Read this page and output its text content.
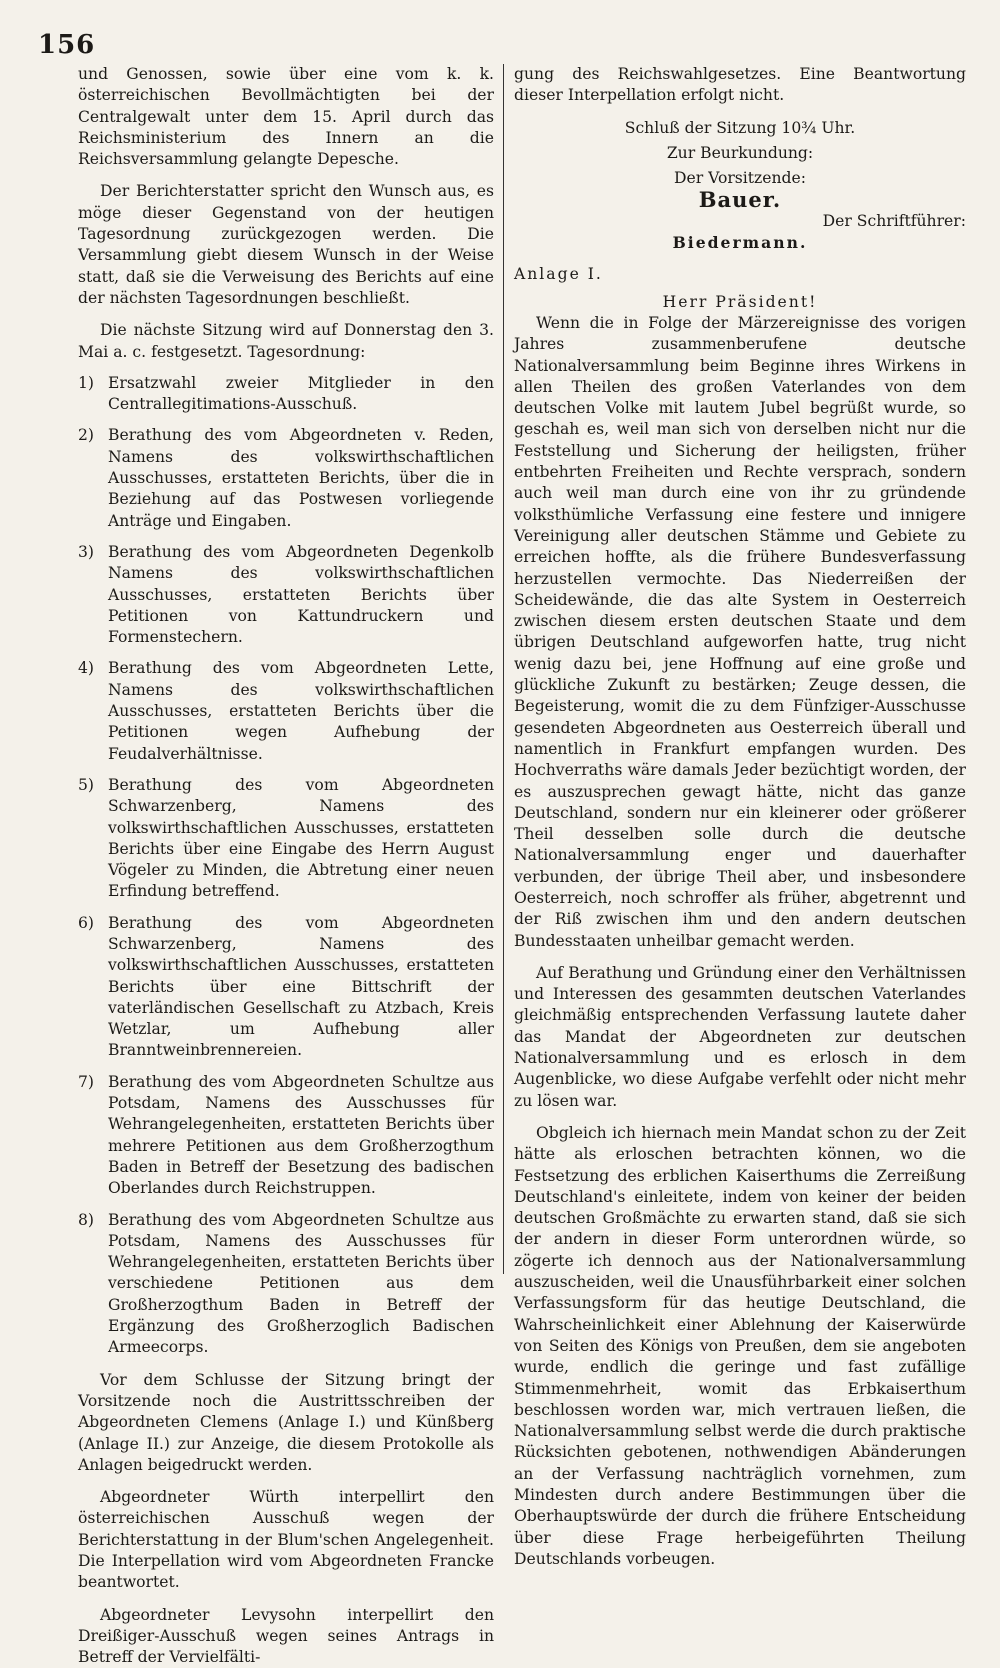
156

und Genossen, sowie über eine vom k. k. österreichischen Bevollmächtigten bei der Centralgewalt unter dem 15. April durch das Reichsministerium des Innern an die Reichsversammlung gelangte Depesche.

Der Berichterstatter spricht den Wunsch aus, es möge dieser Gegenstand von der heutigen Tagesordnung zurückgezogen werden. Die Versammlung giebt diesem Wunsch in der Weise statt, daß sie die Verweisung des Berichts auf eine der nächsten Tagesordnungen beschließt.

Die nächste Sitzung wird auf Donnerstag den 3. Mai a. c. festgesetzt. Tagesordnung:

1) Ersatzwahl zweier Mitglieder in den Centrallegitimations-Ausschuß.
2) Berathung des vom Abgeordneten v. Reden, Namens des volkswirthschaftlichen Ausschusses, erstatteten Berichts, über die in Beziehung auf das Postwesen vorliegende Anträge und Eingaben.
3) Berathung des vom Abgeordneten Degenkolb Namens des volkswirthschaftlichen Ausschusses, erstatteten Berichts über Petitionen von Kattundruckern und Formenstechern.
4) Berathung des vom Abgeordneten Lette, Namens des volkswirthschaftlichen Ausschusses, erstatteten Berichts über die Petitionen wegen Aufhebung der Feudalverhältnisse.
5) Berathung des vom Abgeordneten Schwarzenberg, Namens des volkswirthschaftlichen Ausschusses, erstatteten Berichts über eine Eingabe des Herrn August Vögeler zu Minden, die Abtretung einer neuen Erfindung betreffend.
6) Berathung des vom Abgeordneten Schwarzenberg, Namens des volkswirthschaftlichen Ausschusses, erstatteten Berichts über eine Bittschrift der vaterländischen Gesellschaft zu Atzbach, Kreis Wetzlar, um Aufhebung aller Branntweinbrennereien.
7) Berathung des vom Abgeordneten Schultze aus Potsdam, Namens des Ausschusses für Wehrangelegenheiten, erstatteten Berichts über mehrere Petitionen aus dem Großherzogthum Baden in Betreff der Besetzung des badischen Oberlandes durch Reichstruppen.
8) Berathung des vom Abgeordneten Schultze aus Potsdam, Namens des Ausschusses für Wehrangelegenheiten, erstatteten Berichts über verschiedene Petitionen aus dem Großherzogthum Baden in Betreff der Ergänzung des Großherzoglich Badischen Armeecorps.

Vor dem Schlusse der Sitzung bringt der Vorsitzende noch die Austrittsschreiben der Abgeordneten Clemens (Anlage I.) und Künßberg (Anlage II.) zur Anzeige, die diesem Protokolle als Anlagen beigedruckt werden.

Abgeordneter Würth interpellirt den österreichischen Ausschuß wegen der Berichterstattung in der Blum'schen Angelegenheit. Die Interpellation wird vom Abgeordneten Francke beantwortet.

Abgeordneter Levysohn interpellirt den Dreißiger-Ausschuß wegen seines Antrags in Betreff der Vervielfälti-

gung des Reichswahlgesetzes. Eine Beantwortung dieser Interpellation erfolgt nicht.

Schluß der Sitzung 10¾ Uhr.

Zur Beurkundung:

Der Vorsitzende:

Bauer.

Der Schriftführer:

Biedermann.

Anlage I.

Herr Präsident!

Wenn die in Folge der Märzereignisse des vorigen Jahres zusammenberufene deutsche Nationalversammlung beim Beginne ihres Wirkens in allen Theilen des großen Vaterlandes von dem deutschen Volke mit lautem Jubel begrüßt wurde, so geschah es, weil man sich von derselben nicht nur die Feststellung und Sicherung der heiligsten, früher entbehrten Freiheiten und Rechte versprach, sondern auch weil man durch eine von ihr zu gründende volksthümliche Verfassung eine festere und innigere Vereinigung aller deutschen Stämme und Gebiete zu erreichen hoffte, als die frühere Bundesverfassung herzustellen vermochte. Das Niederreißen der Scheidewände, die das alte System in Oesterreich zwischen diesem ersten deutschen Staate und dem übrigen Deutschland aufgeworfen hatte, trug nicht wenig dazu bei, jene Hoffnung auf eine große und glückliche Zukunft zu bestärken; Zeuge dessen, die Begeisterung, womit die zu dem Fünfziger-Ausschusse gesendeten Abgeordneten aus Oesterreich überall und namentlich in Frankfurt empfangen wurden. Des Hochverraths wäre damals Jeder bezüchtigt worden, der es auszusprechen gewagt hätte, nicht das ganze Deutschland, sondern nur ein kleinerer oder größerer Theil desselben solle durch die deutsche Nationalversammlung enger und dauerhafter verbunden, der übrige Theil aber, und insbesondere Oesterreich, noch schroffer als früher, abgetrennt und der Riß zwischen ihm und den andern deutschen Bundesstaaten unheilbar gemacht werden.

Auf Berathung und Gründung einer den Verhältnissen und Interessen des gesammten deutschen Vaterlandes gleichmäßig entsprechenden Verfassung lautete daher das Mandat der Abgeordneten zur deutschen Nationalversammlung und es erlosch in dem Augenblicke, wo diese Aufgabe verfehlt oder nicht mehr zu lösen war.

Obgleich ich hiernach mein Mandat schon zu der Zeit hätte als erloschen betrachten können, wo die Festsetzung des erblichen Kaiserthums die Zerreißung Deutschland's einleitete, indem von keiner der beiden deutschen Großmächte zu erwarten stand, daß sie sich der andern in dieser Form unterordnen würde, so zögerte ich dennoch aus der Nationalversammlung auszuscheiden, weil die Unausführbarkeit einer solchen Verfassungsform für das heutige Deutschland, die Wahrscheinlichkeit einer Ablehnung der Kaiserwürde von Seiten des Königs von Preußen, dem sie angeboten wurde, endlich die geringe und fast zufällige Stimmenmehrheit, womit das Erbkaiserthum beschlossen worden war, mich vertrauen ließen, die Nationalversammlung selbst werde die durch praktische Rücksichten gebotenen, nothwendigen Abänderungen an der Verfassung nachträglich vornehmen, zum Mindesten durch andere Bestimmungen über die Oberhauptswürde der durch die frühere Entscheidung über diese Frage herbeigeführten Theilung Deutschlands vorbeugen.
